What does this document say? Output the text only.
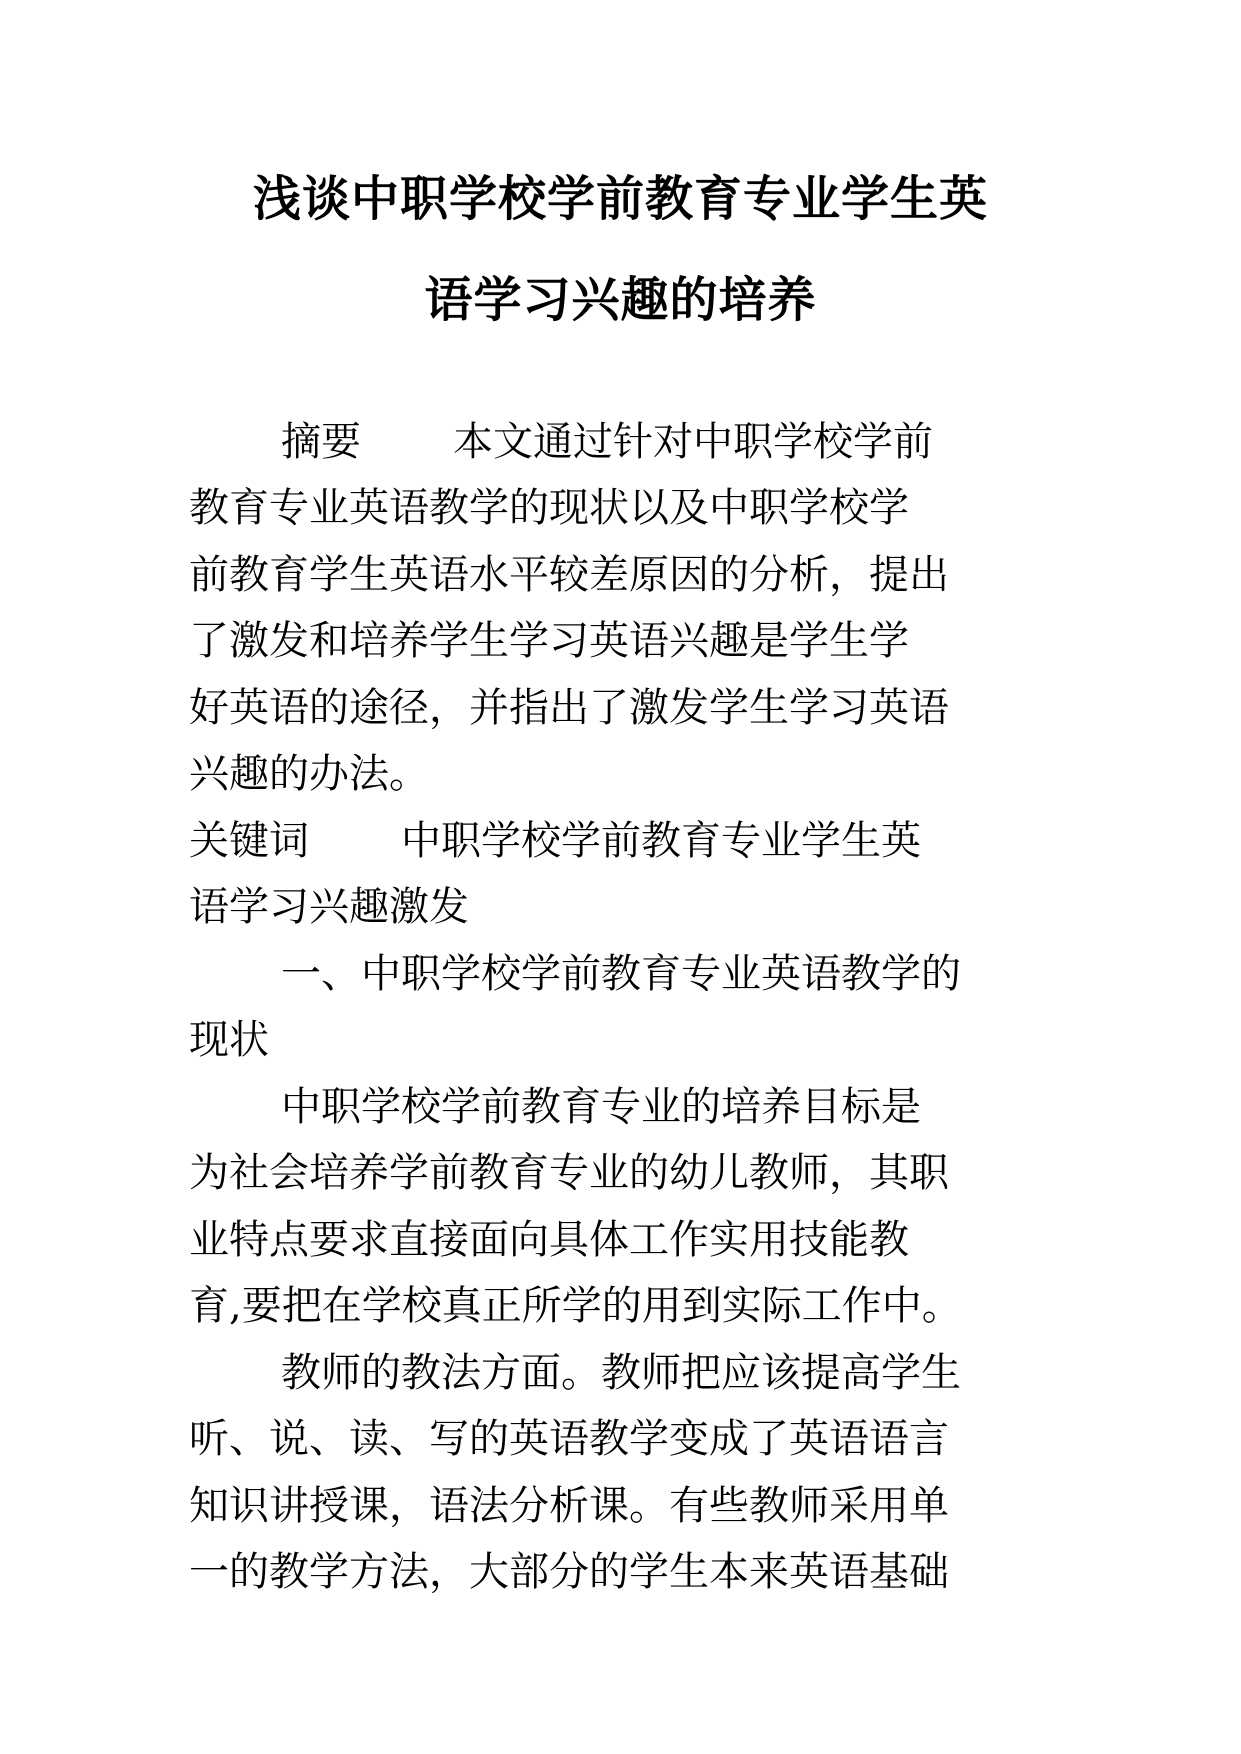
浅谈中职学校学前教育专业学生英
语学习兴趣的培养

摘要 本文通过针对中职学校学前

教育专业英语教学的现状以及中职学校学

前教育学生英语水平较差原因的分析，提出

了激发和培养学生学习英语兴趣是学生学

好英语的途径，并指出了激发学生学习英语

兴趣的办法。

关键词 中职学校学前教育专业学生英

语学习兴趣激发

一、中职学校学前教育专业英语教学的

现状

中职学校学前教育专业的培养目标是

为社会培养学前教育专业的幼儿教师，其职

业特点要求直接面向具体工作实用技能教

育,要把在学校真正所学的用到实际工作中。

教师的教法方面。教师把应该提高学生

听、说、读、写的英语教学变成了英语语言

知识讲授课，语法分析课。有些教师采用单

一的教学方法，大部分的学生本来英语基础
